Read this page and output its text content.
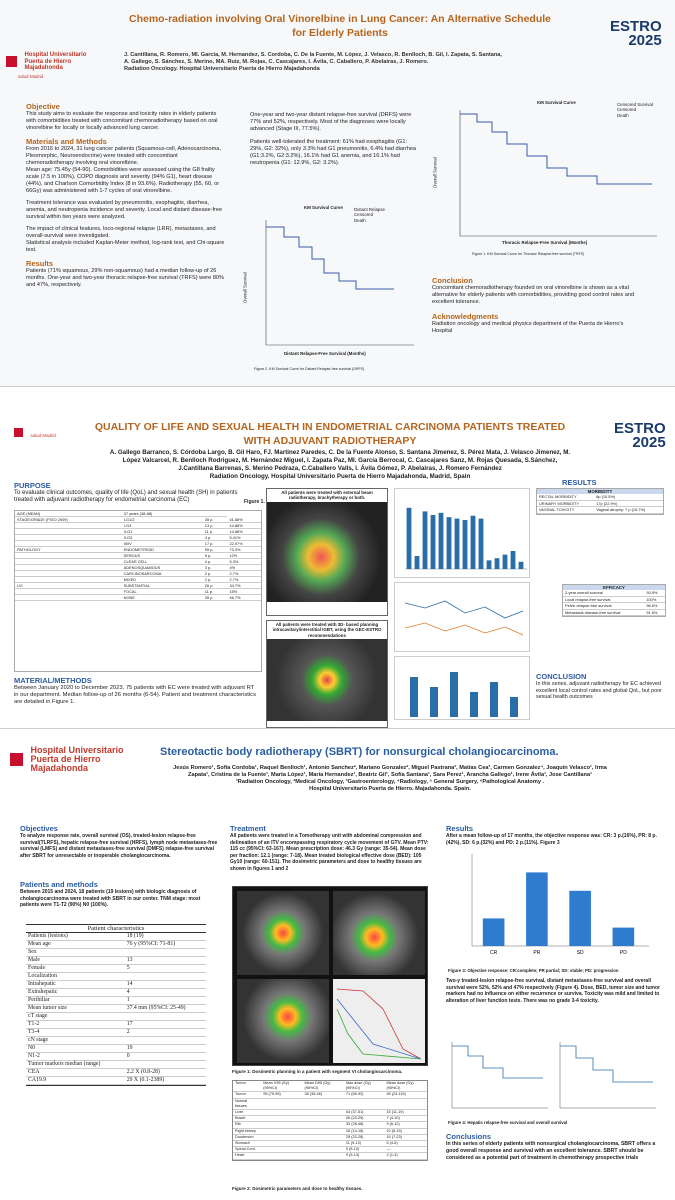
Hospital Universitario
Puerta de Hierro
Majadahonda
salud·Madrid
Chemo-radiation involving Oral Vinorelbine in Lung Cancer: An Alternative Schedule
for Elderly Patients	ESTRO
2025
J. Cantillana, R. Romero, MI. García, M. Hernandez, S. Cordoba, C. De la Fuente, M. López, J. Velasco, R. Benlloch, B. Gil, I. Zapata, S. Santana,
A. Gallego, S. Sánchez, S. Merino, MA. Ruiz, M. Rojas, C. Cascajares, I. Ávila, C. Caballero, P. Abelairas, J. Romero.
Radiation Oncology. Hospital Universitario Puerta de Hierro Majadahonda
Objective
This study aims to evaluate the response and toxicity rates in elderly patients with comorbidities treated with concomitant chemoradiotherapy based on oral vinorelbine for locally or locally advanced lung cancer.
Materials and Methods
From 2016 to 2024, 31 lung cancer patients (Squamous-cell, Adenocarcinoma, Pleomorphic, Neuroendocrine) were treated with concomitant chemoradiotherapy involving oral vinorelbine.
Mean age: 75.45y (54-90). Comorbidities were assessed using the G8 frailty scale (7.5 in 100%), COPD diagnosis and severity (94% G1), heart disease (44%), and Charlson Comorbidity Index (8 in 93.6%). Radiotherapy (55, 60, or 66Gy) was administered with 1-7 cycles of oral vinorelbine.
Treatment tolerance was evaluated by pneumonitis, esophagitis, diarrhea, anemia, and neutropenia incidence and severity. Local and distant disease-free survival within two years were analyzed.
The impact of clinical features, loco-regional relapse (LRR), metastases, and overall-survival were investigated.
Statistical analysis included Kaplan-Meier method, log-rank test, and Chi-square test.
Results
Patients (71% squamous, 29% non-squamous) had a median follow-up of 26 months. One-year and two-year thoracic relapse-free survival (TRFS) were 80% and 47%, respectively.
One-year and two-year distant relapse-free survival (DRFS) were 77% and 52%, respectively. Most of the diagnoses were locally advanced (Stage III, 77.5%).
Patients well-tolerated the treatment: 61% had esophagitis (G1: 29%, G2: 32%), only 3.3% had G1 pneumonitis, 6.4% had diarrhea (G1:3.2%, G2:3.2%), 16.1% had G1 anemia, and 16.1% had neutropenia (G1: 12.9%, G2: 3.2%).
KM Survival Curve	Distant Relapse
Censored
Death
Overall Survival
Distant Relapse-Free Survival (Months)
Figure 2. KM Survival Curve for Distant Relapse-free survival (DRFS)
KM Survival Curve	Censored Survival
Censored
Death
Overall Survival
Thoracic Relapse-Free Survival (Months)
Figure 1. KM Survival Curve for Thoracic Relapse-free survival (TRFS)
Conclusion
Concomitant chemoradiotherapy founded on oral vinorelbine is shown as a vital alternative for elderly patients with comorbidities, providing good control rates and excellent tolerance.
Acknowledgments
Radiation oncology and medical physics department of the Puerta de Hierro's Hospital
salud·Madrid
QUALITY OF LIFE AND SEXUAL HEALTH IN ENDOMETRIAL CARCINOMA PATIENTS TREATED
WITH ADJUVANT RADIOTHERAPY
ESTRO
2025
A. Gallego Barranco, S. Córdoba Largo, B. Gil Haro, FJ. Martinez Paredes, C. De la Fuente Alonso, S. Santana Jimenez, S. Pérez Mata, J. Velasco Jimenez, M.
López Valcarcel, R. Benlloch Rodriguez, M. Hernández Miguel, I. Zapata Paz, MI. García Berrocal, C. Cascajares Sanz, M. Rojas Quesada, S.Sánchez,
J.Cantillana Barrenas, S. Merino Pedraza, C.Caballero Valls, I. Ávila Gómez, P. Abelairas, J. Romero Fernández
Radiation Oncology. Hospital Universitario Puerta de Hierro Majadahonda, Madrid, Spain
PURPOSE
To evaluate clinical outcomes, quality of life (QoL) and sexual health (SH) in patients treated with adjuvant radiotherapy for endometrial carcinoma (EC)	Figure 1.
AGE (MEAN)	37 years (38-88)		
STAGE/GRADE (FIGO 2009)	I-G1/2	35 p.	41.88%
	I-G3	13 p.	14.86%
	II-G1	11 p.	14.88%
	II-G3	4 p.	5.41%
	III/IV	17 p.	22.97%
PATHOLOGY	ENDOMETRIOID	55 p.	73.3%
	SEROUS	9 p.	12%
	CLEAR CELL	4 p.	5.3%
	ADENOSQUAMOUS	3 p.	4%
	CARCINOSARCOMA	2 p.	2.7%
	MIXED	2 p.	2.7%
LVI	SUBSTANTIAL	26 p.	34.7%
	FOCAL	11 p.	15%
	NONE	35 p.	46.7%
All patients were treated with external beam radiotherapy, brachytherapy or both.
All patients were treated with 3D- based planning intracavitary/interstitial IGBT, using the GEC-ESTRO recommendations
MATERIAL/METHODS
Between January 2020 to December 2023, 75 patients with EC were treated with adjuvant RT in our department. Median follow-up of 26 months (6-54). Patient and treatment characteristics are detailed in Figure 1.
RESULTS
MORBIDITY
RECTAL MORBIDITY	8p (10.5%)
URINARY MORBIDITY	17p (22.9%)
VAGINAL TOXICITY	Vaginal atrophy: 7 p (15.7%)
EFFICACY
2-year overall survival	93.9%
Local relapse-free survival	100%
Pelvic relapse-free survival	96.6%
Metastasis disease-free survival	91.5%
CONCLUSION
In this series, adjuvant radiotherapy for EC achieved excellent local control rates and global QoL, but poor sexual health outcomes
Hospital Universitario
Puerta de Hierro
Majadahonda
Stereotactic body radiotherapy (SBRT) for nonsurgical cholangiocarcinoma.
Jesús Romero¹, Sofía Cordoba¹, Raquel Benlloch¹, Antonio Sanchez², Mariano Gonzalez², Miguel Pastrana³, Matías Cea³, Carmen Gonzalez⁴, Joaquín Velasco¹, Irma
Zapata¹, Cristina de la Fuente¹, Marta López¹, María Hernandez¹, Beatriz Gil¹, Sofía Santana¹, Sara Perez¹, Arancha Gallego¹, Irene Ávila¹, Jose Cantillana¹
¹Radiation Oncology, ²Medical Oncology, ³Gastroenterology, ⁴Radiology, ⁵ General Surgery, ⁶Pathological Anatomy .
Hospital Universitario Puerta de Hierro. Majadahonda. Spain.
Objectives
To analyze response rate, overall survival (OS), treated-lesion relapse-free survival(TLRFS), hepatic relapse-free survival (HRFS), lymph node metastases-free survival (LMFS) and distant metastases-free survival (DMFS) relapse-free survival after SBRT for unresectable or inoperable cholangiocarcinoma.
Patients and methods
Between 2015 and 2024, 18 patients (19 lesions) with biologic diagnosis of cholangiocarcinoma were treated with SBRT in our center. TNM stage: most patients were T1-T2 (90%) N0 (100%).
Patient characteristics
Patients (lesions)	18 (19)
Mean age	76 y (95%CI: 71-81)
Sex	
Male	13
Female	5
Localization	
Intrahepatic	14
Extrahepatic	4
Perihiliar	1
Mean tumor size	37.4 mm (95%CI: 25-49)
cT stage	
T1-2	17
T3-4	2
cN stage	
N0	19
N1-2	0
Tumor markers median (range)	
CEA	2.2 X (0.8-28)
CA19.9	29 X (0.1-2389)
Treatment
All patients were treated in a Tomotherapy unit with abdominal compression and delineation of an ITV encompassing respiratory cycle movement of GTV. Mean PTV: 115 cc (95%CI: 63-167). Mean prescription dose: 46.3 Gy (range: 35-54). Mean dose per fraction: 12.1 (range: 7-18). Mean treated biological effective dose (BED): 105 Gy10 (range: 60-151). The dosimetric parameters and dose to healthy tissues are shown in figures 1 and 2
Figure 1: Dosimetric planning in a patient with segment VI cholangiocarcinoma.
Tumor	Mean V95 (Gy) (95%CI)	Mean D95 (Gy) (95%CI)	Max dose (Gy) (95%CI)	Mean dose (Gy) (95%CI)
Tumor	95 (75-95)	38 (35-46)	71 (65-92)	49 (23-119)
Normal tissues				
Liver			44 (37-51)	15 (11-19)
Bowel			26 (23-29)	7 (4-10)
Rib			33 (28-48)	9 (6-12)
Right kidney			16 (14-18)	10 (5-15)
Duodenum			25 (22-28)	15 (7-23)
Stomach			11 (9-13)	5 (4-6)
Spinal Cord			9 (8-10)	—
Heart			9 (5-13)	2 (1-3)
Figure 2: Dosimetric parameters and dose to healthy tissues.
Results
After a mean follow-up of 17 months, the objective response was: CR: 3 p.(16%), PR: 8 p.(42%), SD: 6 p.(32%) and PD: 2 p.(11%). Figure 3
CR	PR	SD	PD
Figure 3: Objective response: CR:complete; PR partial; SD: stable; PD: progression
Two-y treated-lesion relapse-free survival, distant metastases-free survival and overall survival were 52%, 52% and 47% respectively (Figure 4). Dose, BED, tumor size and tumor markers had no influence on either recurrence or surviva. Toxicity was mild and limited to alteration of liver function tests. There was no grade 3-4 toxicity.
Figure 4: Hepatic relapse-free survival and overall survival
Conclusions
In this series of elderly patients with nonsurgical cholangiocarcinoma, SBRT offers a good overall response and survival with an excellent tolerance. SBRT should be considered as a potential part of treatment in chemotherapy prospective trials
